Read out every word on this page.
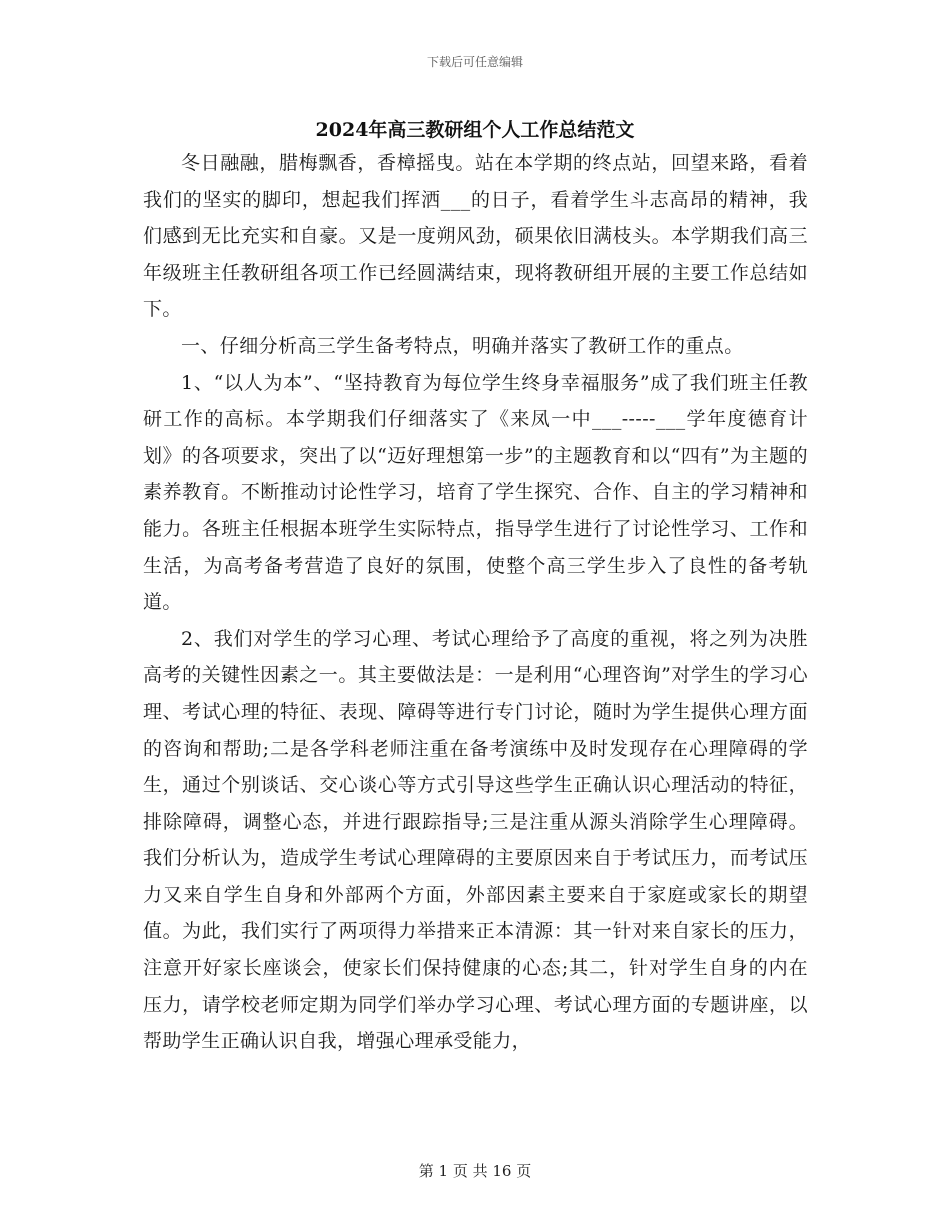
下载后可任意编辑
2024年高三教研组个人工作总结范文

冬日融融，腊梅飘香，香樟摇曳。站在本学期的终点站，回望来路，看着我们的坚实的脚印，想起我们挥洒___的日子，看着学生斗志高昂的精神，我们感到无比充实和自豪。又是一度朔风劲，硕果依旧满枝头。本学期我们高三年级班主任教研组各项工作已经圆满结束，现将教研组开展的主要工作总结如下。

一、仔细分析高三学生备考特点，明确并落实了教研工作的重点。

1、“以人为本”、“坚持教育为每位学生终身幸福服务”成了我们班主任教研工作的高标。本学期我们仔细落实了《来凤一中___-----___学年度德育计划》的各项要求，突出了以“迈好理想第一步”的主题教育和以“四有”为主题的素养教育。不断推动讨论性学习，培育了学生探究、合作、自主的学习精神和能力。各班主任根据本班学生实际特点，指导学生进行了讨论性学习、工作和生活，为高考备考营造了良好的氛围，使整个高三学生步入了良性的备考轨道。

2、我们对学生的学习心理、考试心理给予了高度的重视，将之列为决胜高考的关键性因素之一。其主要做法是：一是利用“心理咨询”对学生的学习心理、考试心理的特征、表现、障碍等进行专门讨论，随时为学生提供心理方面的咨询和帮助;二是各学科老师注重在备考演练中及时发现存在心理障碍的学生，通过个别谈话、交心谈心等方式引导这些学生正确认识心理活动的特征，排除障碍，调整心态，并进行跟踪指导;三是注重从源头消除学生心理障碍。我们分析认为，造成学生考试心理障碍的主要原因来自于考试压力，而考试压力又来自学生自身和外部两个方面，外部因素主要来自于家庭或家长的期望值。为此，我们实行了两项得力举措来正本清源：其一针对来自家长的压力，注意开好家长座谈会，使家长们保持健康的心态;其二，针对学生自身的内在压力，请学校老师定期为同学们举办学习心理、考试心理方面的专题讲座，以帮助学生正确认识自我，增强心理承受能力，

第 1 页 共 16 页
